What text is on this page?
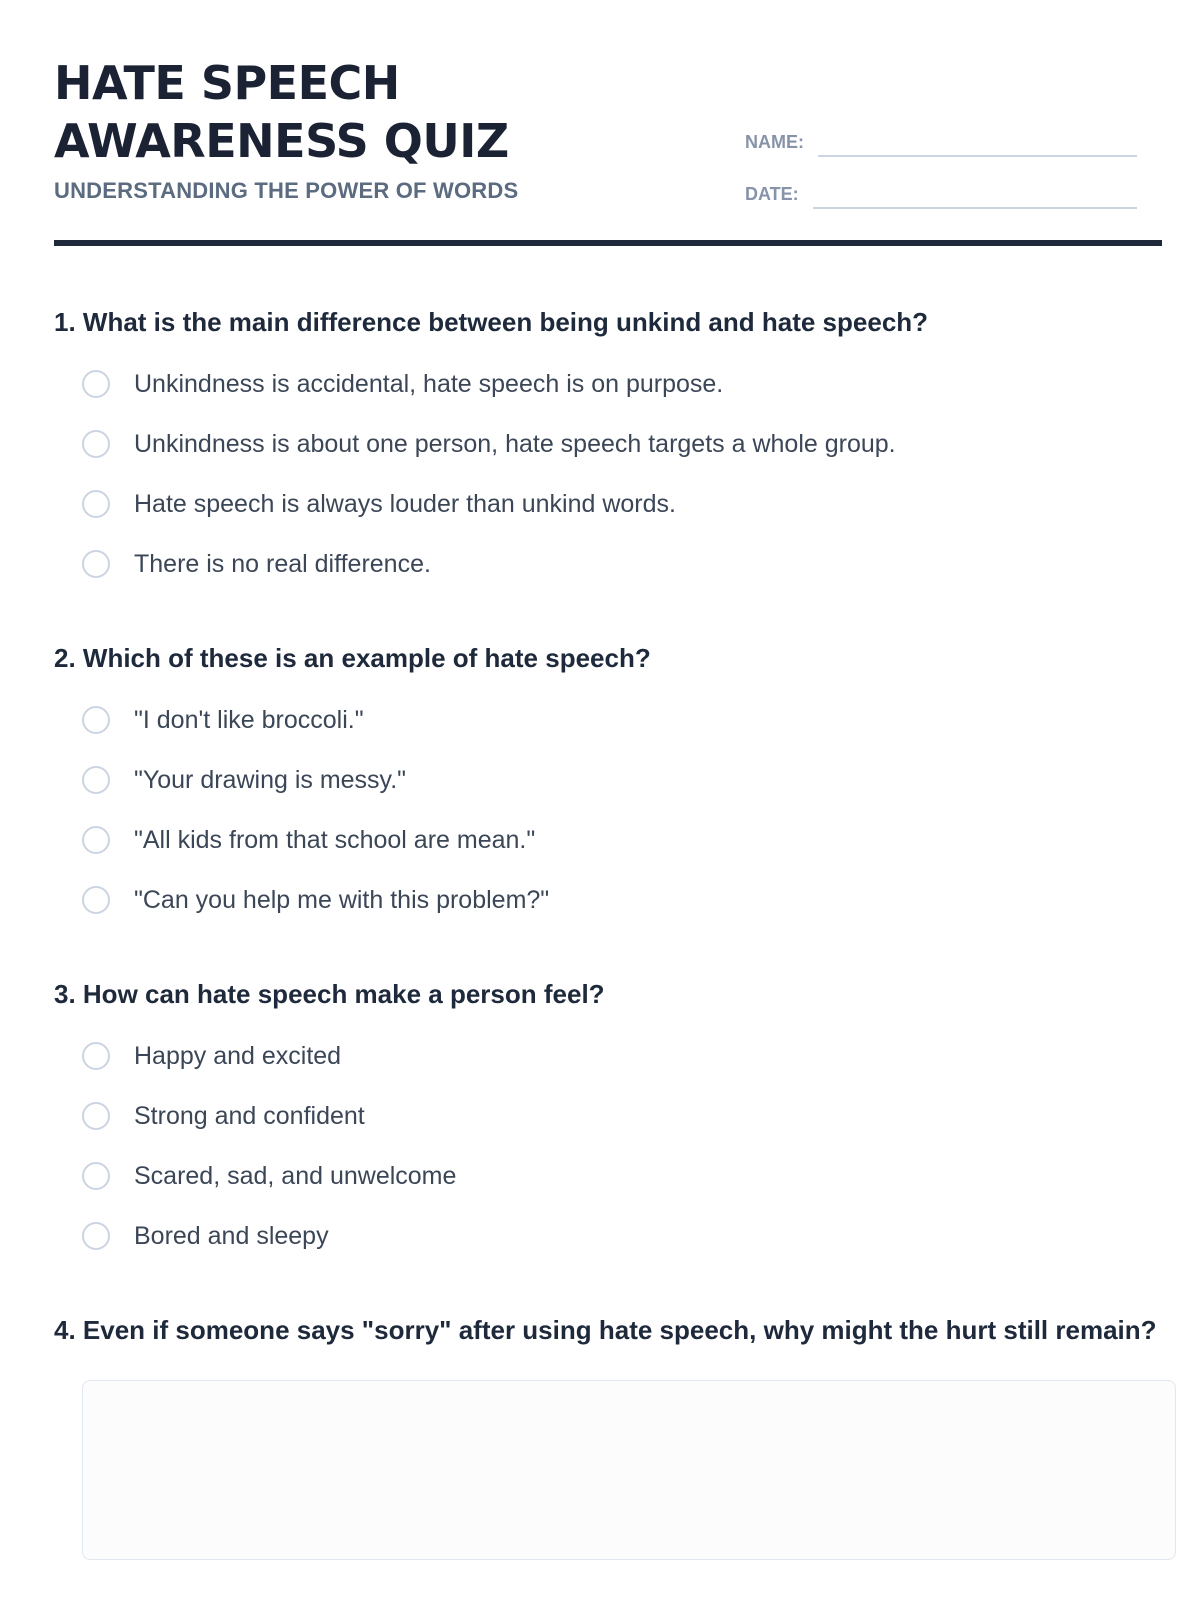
HATE SPEECH AWARENESS QUIZ
UNDERSTANDING THE POWER OF WORDS
NAME:
DATE:

1. What is the main difference between being unkind and hate speech?

Unkindness is accidental, hate speech is on purpose.
Unkindness is about one person, hate speech targets a whole group.
Hate speech is always louder than unkind words.
There is no real difference.

2. Which of these is an example of hate speech?

"I don't like broccoli."
"Your drawing is messy."
"All kids from that school are mean."
"Can you help me with this problem?"

3. How can hate speech make a person feel?

Happy and excited
Strong and confident
Scared, sad, and unwelcome
Bored and sleepy

4. Even if someone says "sorry" after using hate speech, why might the hurt still remain?
